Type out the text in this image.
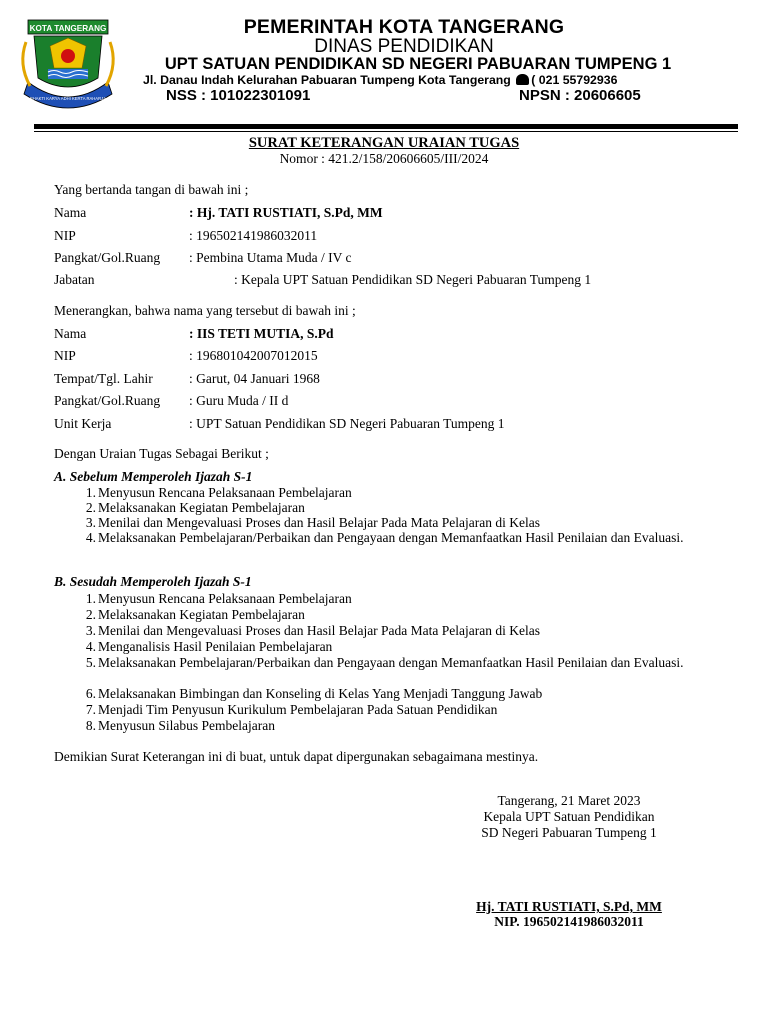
KOTA TANGERANG
BHAKTI KARYA ADHI KERTA RAHARJA
PEMERINTAH KOTA TANGERANG
DINAS PENDIDIKAN
UPT SATUAN PENDIDIKAN SD NEGERI PABUARAN TUMPENG 1
Jl. Danau Indah Kelurahan Pabuaran Tumpeng Kota Tangerang ( 021 55792936
NSS : 101022301091	NPSN : 20606605
SURAT KETERANGAN URAIAN TUGAS
Nomor : 421.2/158/20606605/III/2024
Yang bertanda tangan di bawah ini ;
Nama	: Hj. TATI RUSTIATI, S.Pd, MM
NIP	: 196502141986032011
Pangkat/Gol.Ruang : Pembina Utama Muda / IV c
Jabatan	: Kepala UPT Satuan Pendidikan SD Negeri Pabuaran Tumpeng 1
Menerangkan, bahwa nama yang tersebut di bawah ini ;
Nama	: IIS TETI MUTIA, S.Pd
NIP	: 196801042007012015
Tempat/Tgl. Lahir	: Garut, 04 Januari 1968
Pangkat/Gol.Ruang : Guru Muda / II d
Unit Kerja	: UPT Satuan Pendidikan SD Negeri Pabuaran Tumpeng 1
Dengan Uraian Tugas Sebagai Berikut ;
A. Sebelum Memperoleh Ijazah S-1
1. Menyusun Rencana Pelaksanaan Pembelajaran
2. Melaksanakan Kegiatan Pembelajaran
3. Menilai dan Mengevaluasi Proses dan Hasil Belajar Pada Mata Pelajaran di Kelas
4. Melaksanakan Pembelajaran/Perbaikan dan Pengayaan dengan Memanfaatkan Hasil Penilaian dan Evaluasi.
B. Sesudah Memperoleh Ijazah S-1
1. Menyusun Rencana Pelaksanaan Pembelajaran
2. Melaksanakan Kegiatan Pembelajaran
3. Menilai dan Mengevaluasi Proses dan Hasil Belajar Pada Mata Pelajaran di Kelas
4. Menganalisis Hasil Penilaian Pembelajaran
5. Melaksanakan Pembelajaran/Perbaikan dan Pengayaan dengan Memanfaatkan Hasil Penilaian dan Evaluasi.
6. Melaksanakan Bimbingan dan Konseling di Kelas Yang Menjadi Tanggung Jawab
7. Menjadi Tim Penyusun Kurikulum Pembelajaran Pada Satuan Pendidikan
8. Menyusun Silabus Pembelajaran
Demikian Surat Keterangan ini di buat, untuk dapat dipergunakan sebagaimana mestinya.
Tangerang, 21 Maret 2023
Kepala UPT Satuan Pendidikan
SD Negeri Pabuaran Tumpeng 1
Hj. TATI RUSTIATI, S.Pd, MM
NIP. 196502141986032011
